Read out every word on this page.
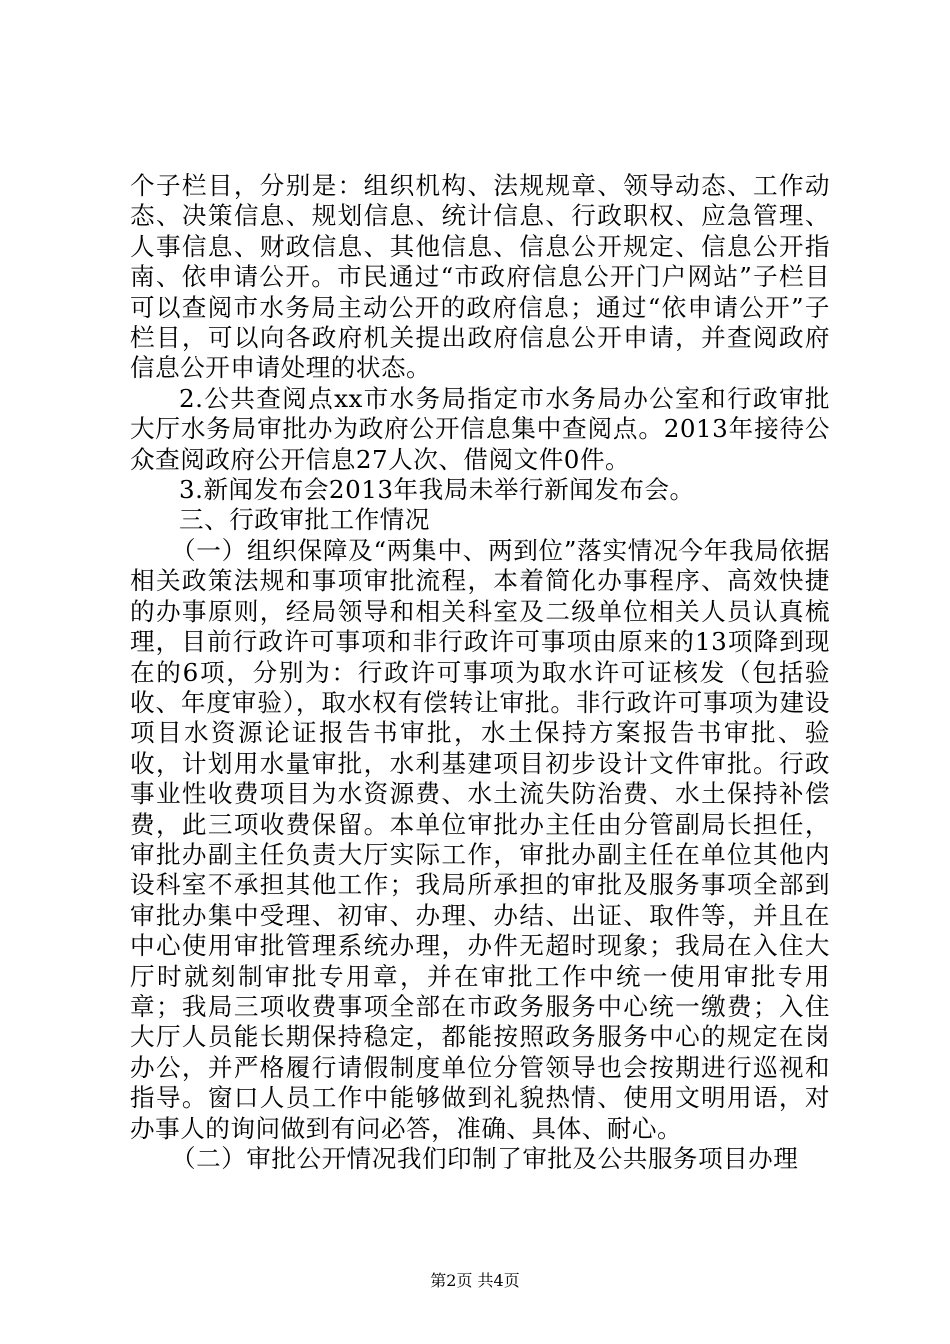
个子栏目，分别是：组织机构、法规规章、领导动态、工作动态、决策信息、规划信息、统计信息、行政职权、应急管理、人事信息、财政信息、其他信息、信息公开规定、信息公开指南、依申请公开。市民通过“市政府信息公开门户网站”子栏目可以查阅市水务局主动公开的政府信息；通过“依申请公开”子栏目，可以向各政府机关提出政府信息公开申请，并查阅政府信息公开申请处理的状态。

2.公共查阅点xx市水务局指定市水务局办公室和行政审批大厅水务局审批办为政府公开信息集中查阅点。2013年接待公众查阅政府公开信息27人次、借阅文件0件。

3.新闻发布会2013年我局未举行新闻发布会。

三、行政审批工作情况

（一）组织保障及“两集中、两到位”落实情况今年我局依据相关政策法规和事项审批流程，本着简化办事程序、高效快捷的办事原则，经局领导和相关科室及二级单位相关人员认真梳理，目前行政许可事项和非行政许可事项由原来的13项降到现在的6项，分别为：行政许可事项为取水许可证核发（包括验收、年度审验），取水权有偿转让审批。非行政许可事项为建设项目水资源论证报告书审批，水土保持方案报告书审批、验收，计划用水量审批，水利基建项目初步设计文件审批。行政事业性收费项目为水资源费、水土流失防治费、水土保持补偿费，此三项收费保留。本单位审批办主任由分管副局长担任，审批办副主任负责大厅实际工作，审批办副主任在单位其他内设科室不承担其他工作；我局所承担的审批及服务事项全部到审批办集中受理、初审、办理、办结、出证、取件等，并且在中心使用审批管理系统办理，办件无超时现象；我局在入住大厅时就刻制审批专用章，并在审批工作中统一使用审批专用章；我局三项收费事项全部在市政务服务中心统一缴费；入住大厅人员能长期保持稳定，都能按照政务服务中心的规定在岗办公，并严格履行请假制度单位分管领导也会按期进行巡视和指导。窗口人员工作中能够做到礼貌热情、使用文明用语，对办事人的询问做到有问必答，准确、具体、耐心。

（二）审批公开情况我们印制了审批及公共服务项目办理

第2页 共4页
